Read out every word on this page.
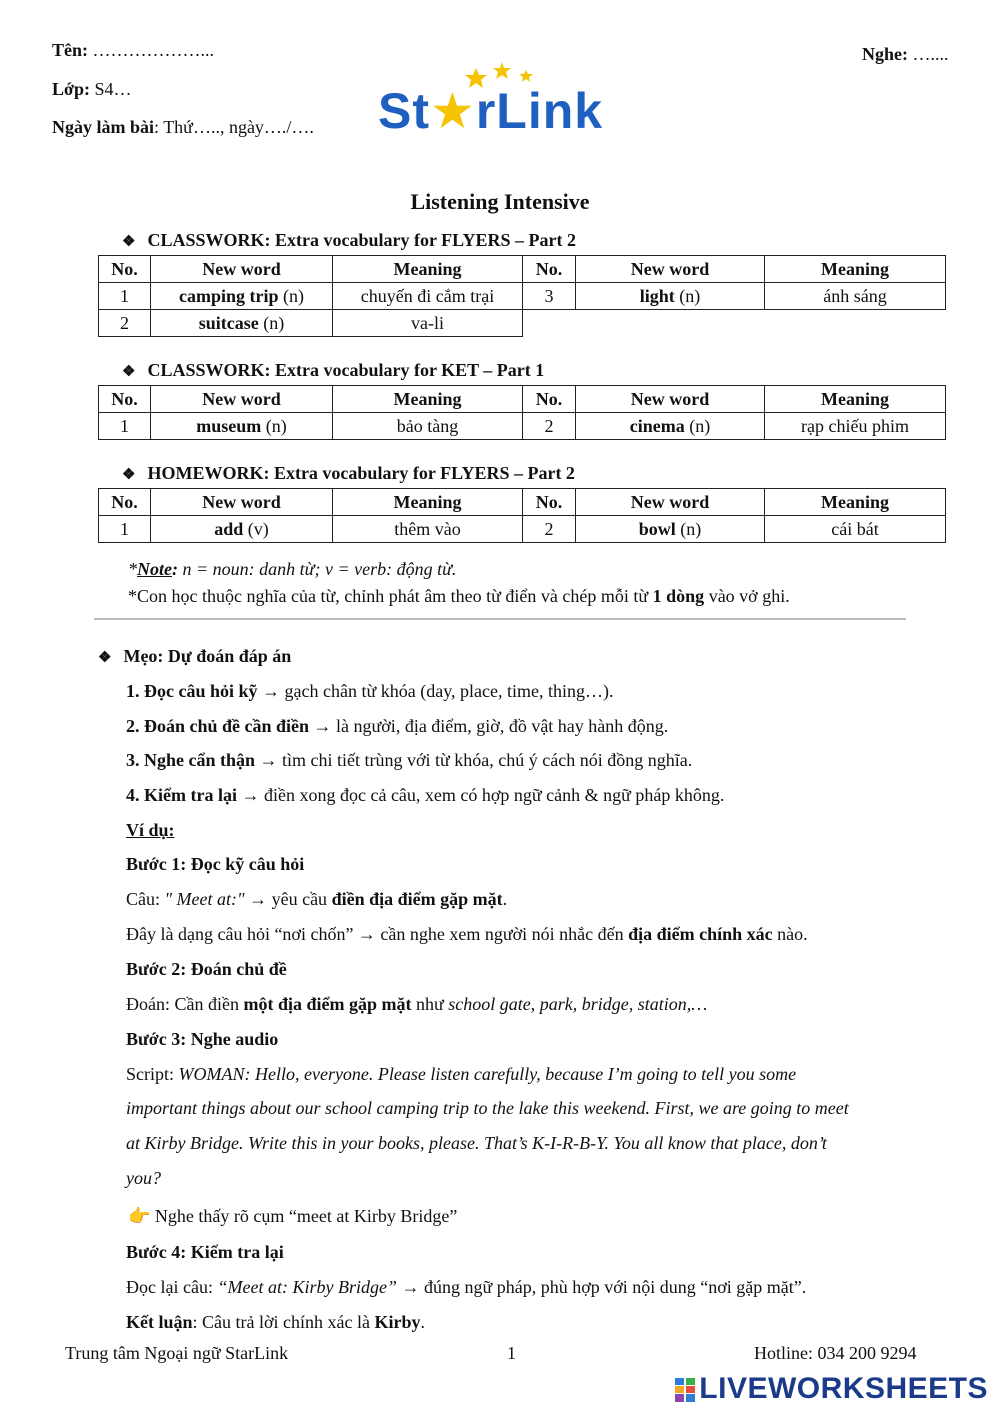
Tên: ………………...
Lớp: S4…
Ngày làm bài: Thứ….., ngày…./….
Nghe: …....
St★rLink
Listening Intensive
❖ CLASSWORK: Extra vocabulary for FLYERS – Part 2
No.	New word	Meaning	No.	New word	Meaning
1	camping trip (n)	chuyến đi cắm trại	3	light (n)	ánh sáng
2	suitcase (n)	va-li			
❖ CLASSWORK: Extra vocabulary for KET – Part 1
No.	New word	Meaning	No.	New word	Meaning
1	museum (n)	bảo tàng	2	cinema (n)	rạp chiếu phim
❖ HOMEWORK: Extra vocabulary for FLYERS – Part 2
No.	New word	Meaning	No.	New word	Meaning
1	add (v)	thêm vào	2	bowl (n)	cái bát
*Note: n = noun: danh từ; v = verb: động từ.
*Con học thuộc nghĩa của từ, chỉnh phát âm theo từ điển và chép mỗi từ 1 dòng vào vở ghi.
❖ Mẹo: Dự đoán đáp án
1. Đọc câu hỏi kỹ → gạch chân từ khóa (day, place, time, thing…).
2. Đoán chủ đề cần điền → là người, địa điểm, giờ, đồ vật hay hành động.
3. Nghe cẩn thận → tìm chi tiết trùng với từ khóa, chú ý cách nói đồng nghĩa.
4. Kiểm tra lại → điền xong đọc cả câu, xem có hợp ngữ cảnh & ngữ pháp không.
Ví dụ:
Bước 1: Đọc kỹ câu hỏi
Câu: " Meet at:" → yêu cầu điền địa điểm gặp mặt.
Đây là dạng câu hỏi “nơi chốn” → cần nghe xem người nói nhắc đến địa điểm chính xác nào.
Bước 2: Đoán chủ đề
Đoán: Cần điền một địa điểm gặp mặt như school gate, park, bridge, station,…
Bước 3: Nghe audio
Script: WOMAN: Hello, everyone. Please listen carefully, because I’m going to tell you some
important things about our school camping trip to the lake this weekend. First, we are going to meet
at Kirby Bridge. Write this in your books, please. That’s K-I-R-B-Y. You all know that place, don’t
you?
👉 Nghe thấy rõ cụm “meet at Kirby Bridge”
Bước 4: Kiểm tra lại
Đọc lại câu: “Meet at: Kirby Bridge” → đúng ngữ pháp, phù hợp với nội dung “nơi gặp mặt”.
Kết luận: Câu trả lời chính xác là Kirby.
Trung tâm Ngoại ngữ StarLink	1	Hotline: 034 200 9294
LIVEWORKSHEETS
